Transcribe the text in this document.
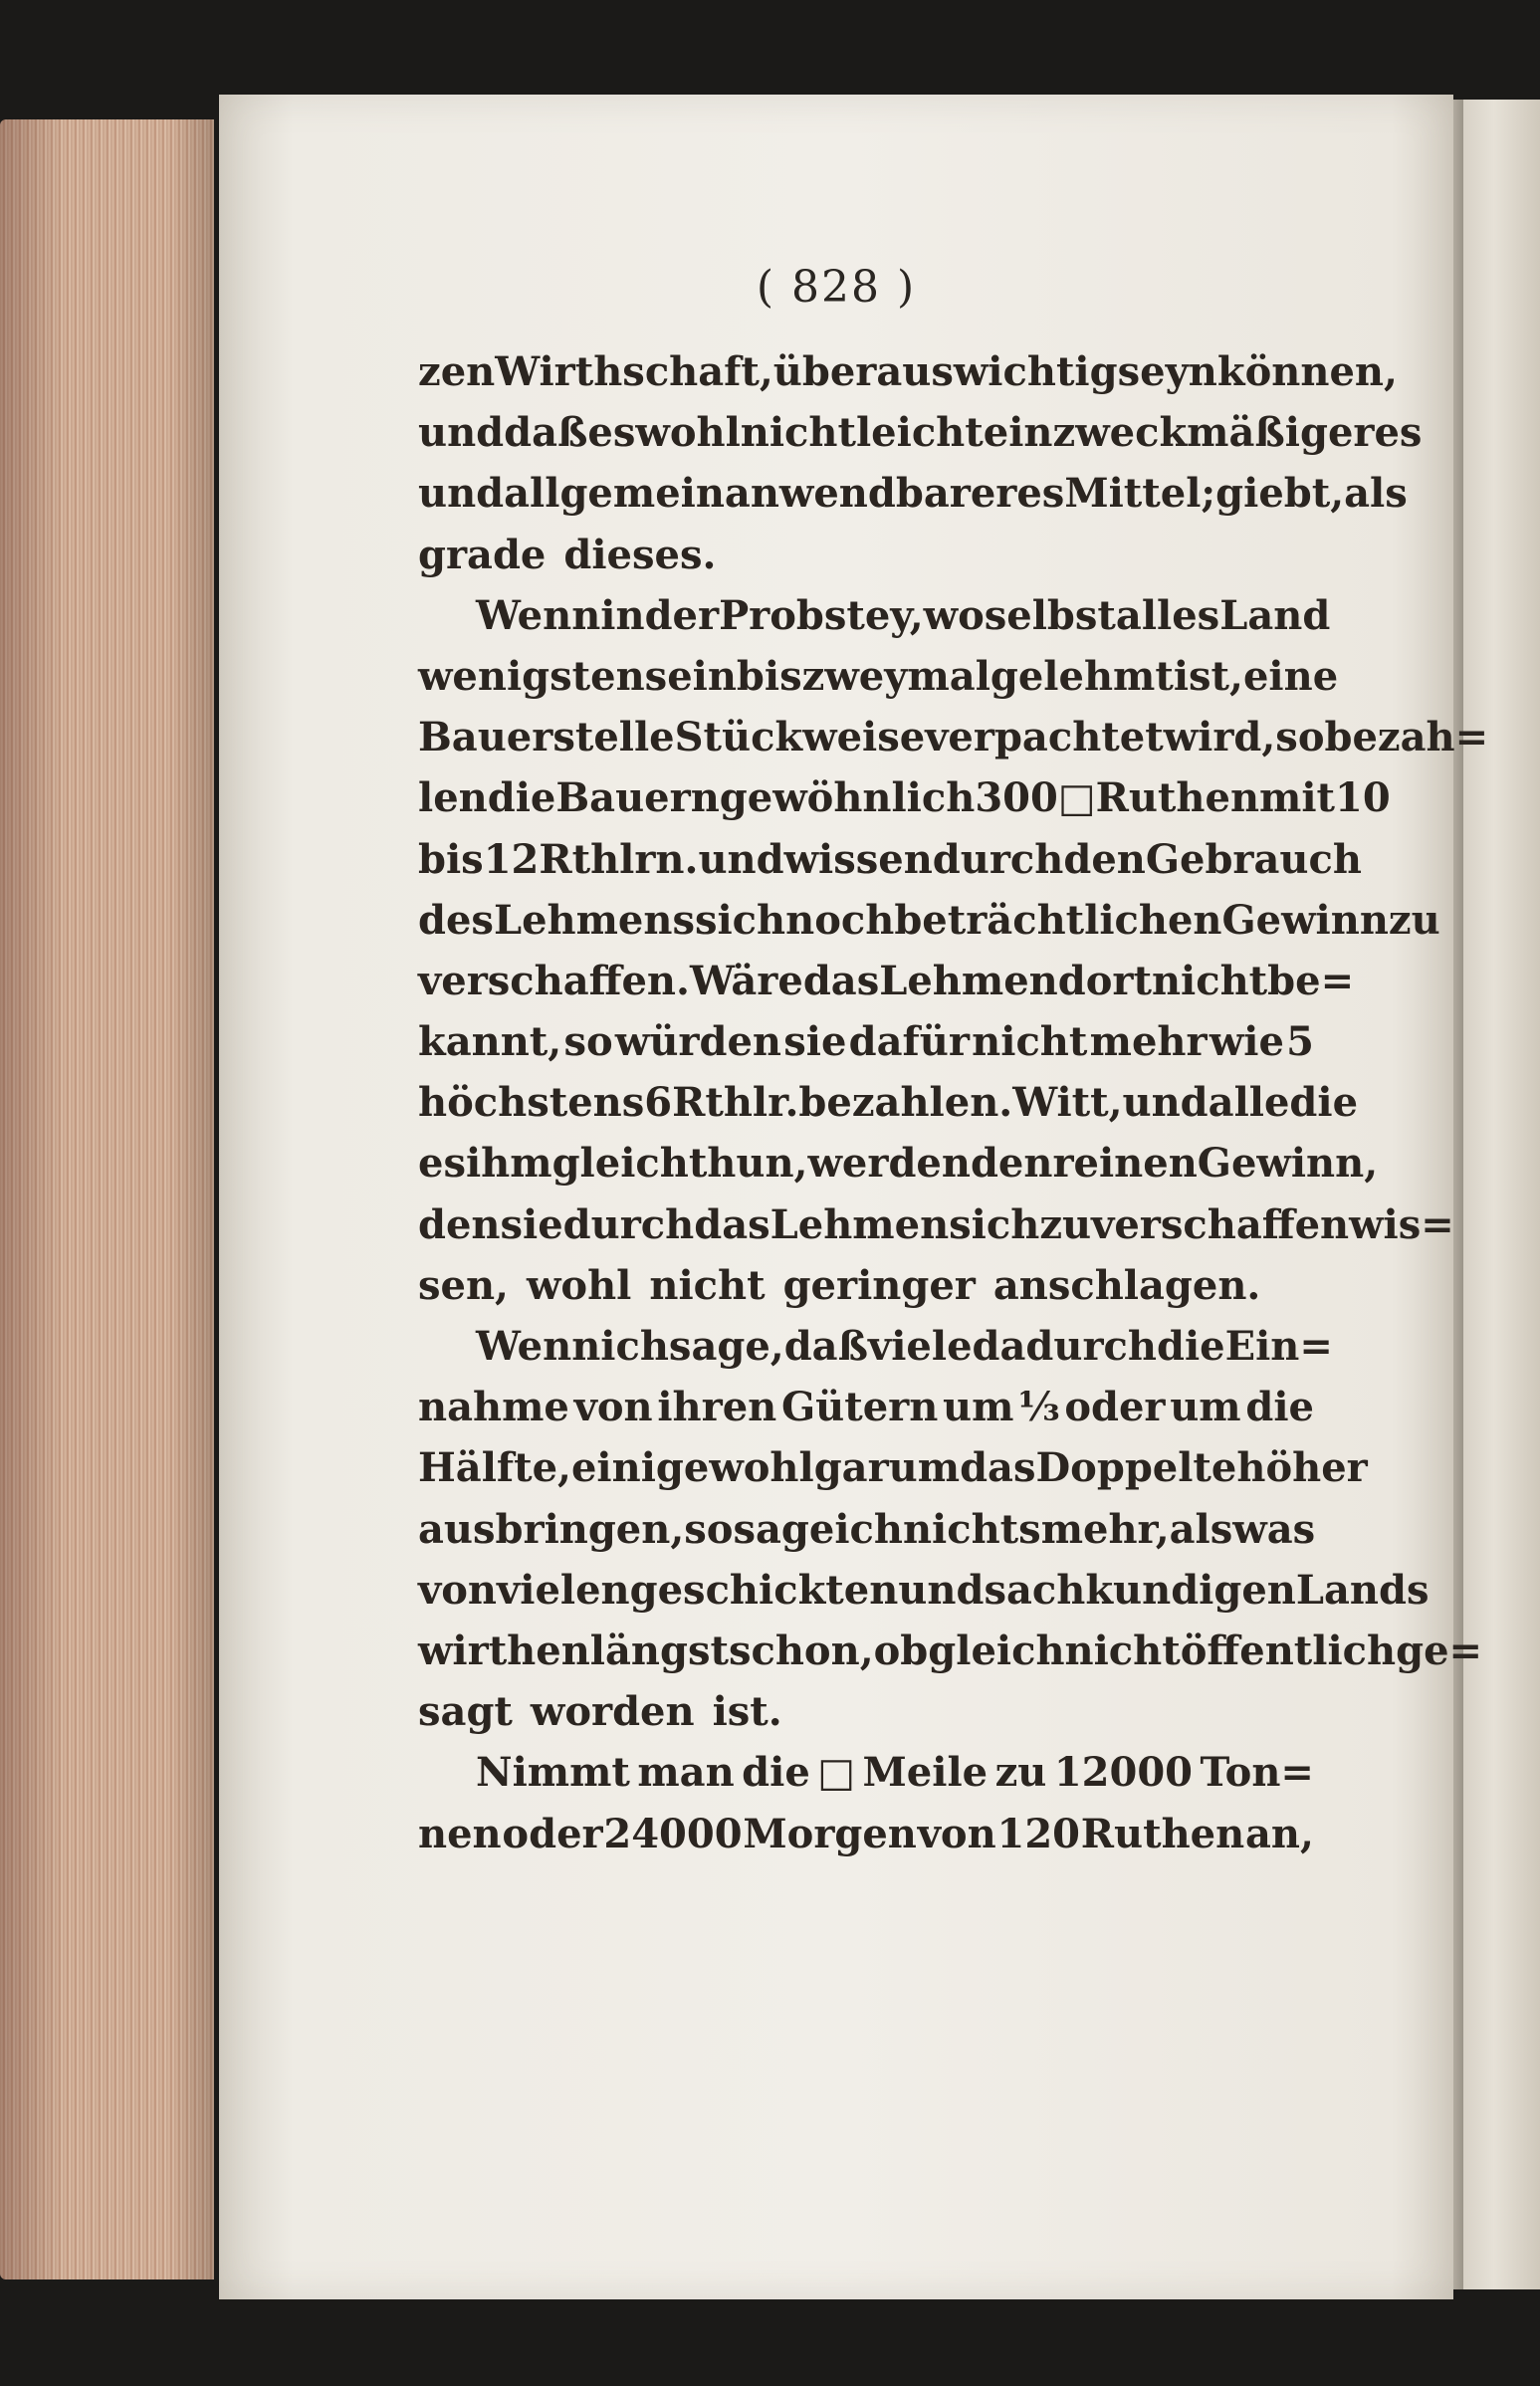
( 828 )
zen Wirthschaft, überaus wichtig seyn können,
und daß es wohl nicht leicht ein zweckmäßigeres
und allgemein anwendbareres Mittel; giebt, als
grade dieses.
Wenn in der Probstey, woselbst alles Land
wenigstens ein bis zweymal gelehmt ist, eine
Bauerstelle Stückweise verpachtet wird, so bezah=
len die Bauern gewöhnlich 300 □ Ruthen mit 10
bis 12 Rthlrn. und wissen durch den Gebrauch
des Lehmens sich noch beträchtlichen Gewinn zu
verschaffen. Wäre das Lehmen dort nicht be=
kannt, so würden sie dafür nicht mehr wie 5
höchstens 6 Rthlr. bezahlen. Witt, und alle die
es ihm gleich thun, werden den reinen Gewinn,
den sie durch das Lehmen sich zu verschaffen wis=
sen, wohl nicht geringer anschlagen.
Wenn ich sage, daß viele dadurch die Ein=
nahme von ihren Gütern um ⅓ oder um die
Hälfte, einige wohl gar um das Doppelte höher
ausbringen, so sage ich nichts mehr, als was
von vielen geschickten und sachkundigen Lands
wirthen längst schon, obgleich nicht öffentlich ge=
sagt worden ist.
Nimmt man die □ Meile zu 12000 Ton=
nen oder 24000 Morgen von 120 Ruthen an,
